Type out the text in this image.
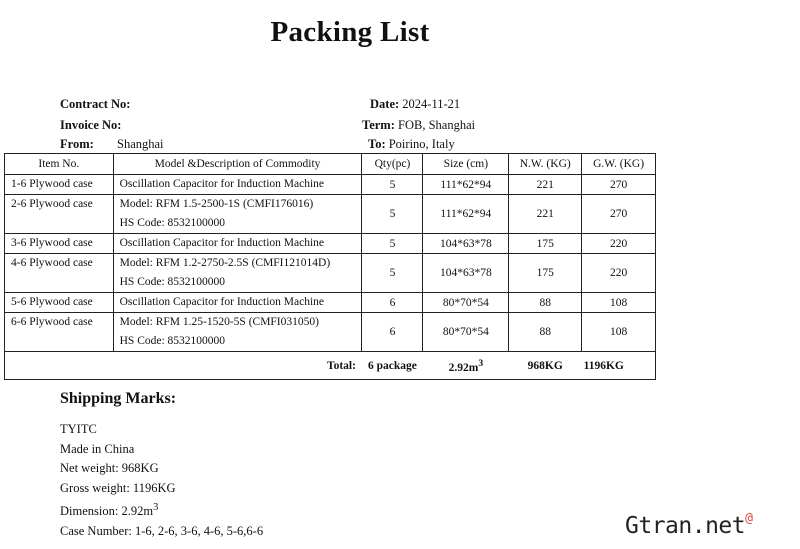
Packing List
Contract No:
Invoice No:
From: Shanghai
Date: 2024-11-21
Term: FOB, Shanghai
To: Poirino, Italy
Item No.	Model &Description of Commodity	Qty(pc)	Size (cm)	N.W. (KG)	G.W. (KG)
1-6 Plywood case	Oscillation Capacitor for Induction Machine	5	111*62*94	221	270
2-6 Plywood case	Model: RFM 1.5-2500-1S (CMFI176016)
HS Code: 8532100000	5	111*62*94	221	270
3-6 Plywood case	Oscillation Capacitor for Induction Machine	5	104*63*78	175	220
4-6 Plywood case	Model: RFM 1.2-2750-2.5S (CMFI121014D)
HS Code: 8532100000	5	104*63*78	175	220
5-6 Plywood case	Oscillation Capacitor for Induction Machine	6	80*70*54	88	108
6-6 Plywood case	Model: RFM 1.25-1520-5S (CMFI031050)
HS Code: 8532100000	6	80*70*54	88	108
Total:		6 package	$2.92m^3$	968KG	1196KG
Shipping Marks:
TYITC
Made in China
Net weight: 968KG
Gross weight: 1196KG
Dimension: $2.92m^3$
Case Number: 1-6, 2-6, 3-6, 4-6, 5-6,6-6	Gtran.net@
